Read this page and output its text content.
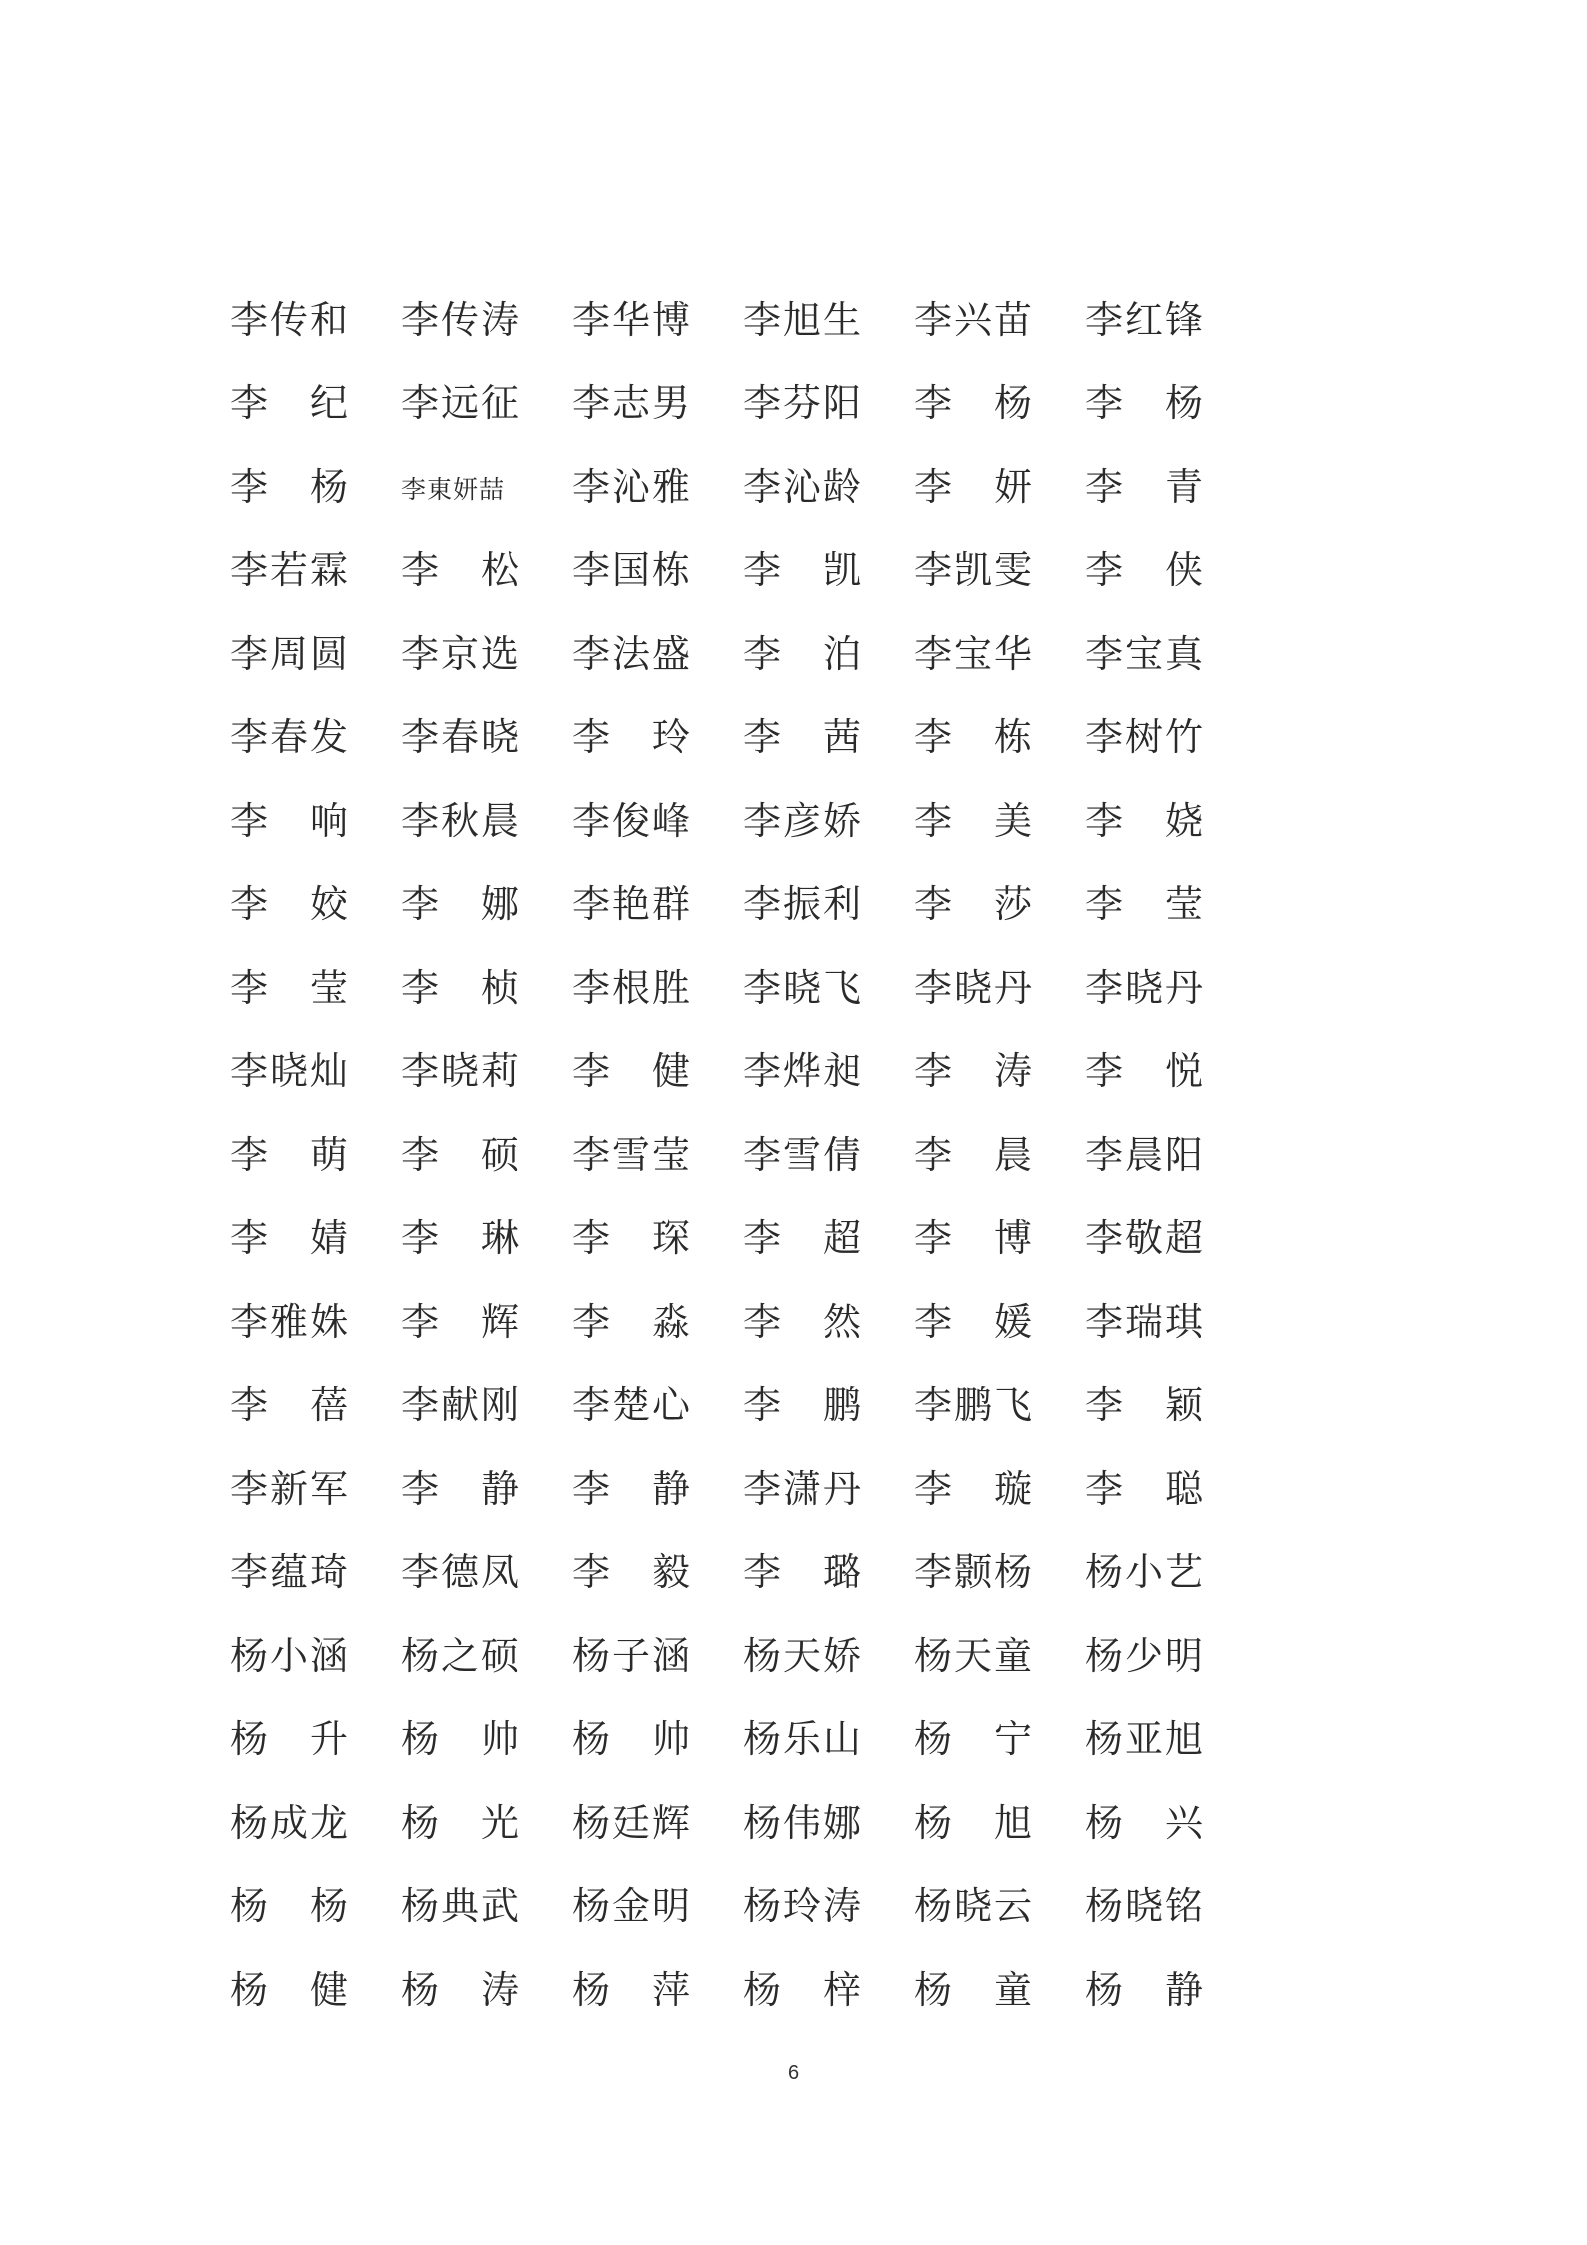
李传和	李传涛	李华博	李旭生	李兴苗	李红锋
李　纪	李远征	李志男	李芬阳	李　杨	李　杨
李　杨	李東妍喆	李沁雅	李沁龄	李　妍	李　青
李若霖	李　松	李国栋	李　凯	李凯雯	李　侠
李周圆	李京选	李法盛	李　泊	李宝华	李宝真
李春发	李春晓	李　玲	李　茜	李　栋	李树竹
李　响	李秋晨	李俊峰	李彦娇	李　美	李　娆
李　姣	李　娜	李艳群	李振利	李　莎	李　莹
李　莹	李　桢	李根胜	李晓飞	李晓丹	李晓丹
李晓灿	李晓莉	李　健	李烨昶	李　涛	李　悦
李　萌	李　硕	李雪莹	李雪倩	李　晨	李晨阳
李　婧	李　琳	李　琛	李　超	李　博	李敬超
李雅姝	李　辉	李　淼	李　然	李　媛	李瑞琪
李　蓓	李献刚	李楚心	李　鹏	李鹏飞	李　颖
李新军	李　静	李　静	李潇丹	李　璇	李　聪
李蕴琦	李德凤	李　毅	李　璐	李颢杨	杨小艺
杨小涵	杨之硕	杨子涵	杨天娇	杨天童	杨少明
杨　升	杨　帅	杨　帅	杨乐山	杨　宁	杨亚旭
杨成龙	杨　光	杨廷辉	杨伟娜	杨　旭	杨　兴
杨　杨	杨典武	杨金明	杨玲涛	杨晓云	杨晓铭
杨　健	杨　涛	杨　萍	杨　梓	杨　童	杨　静
6
